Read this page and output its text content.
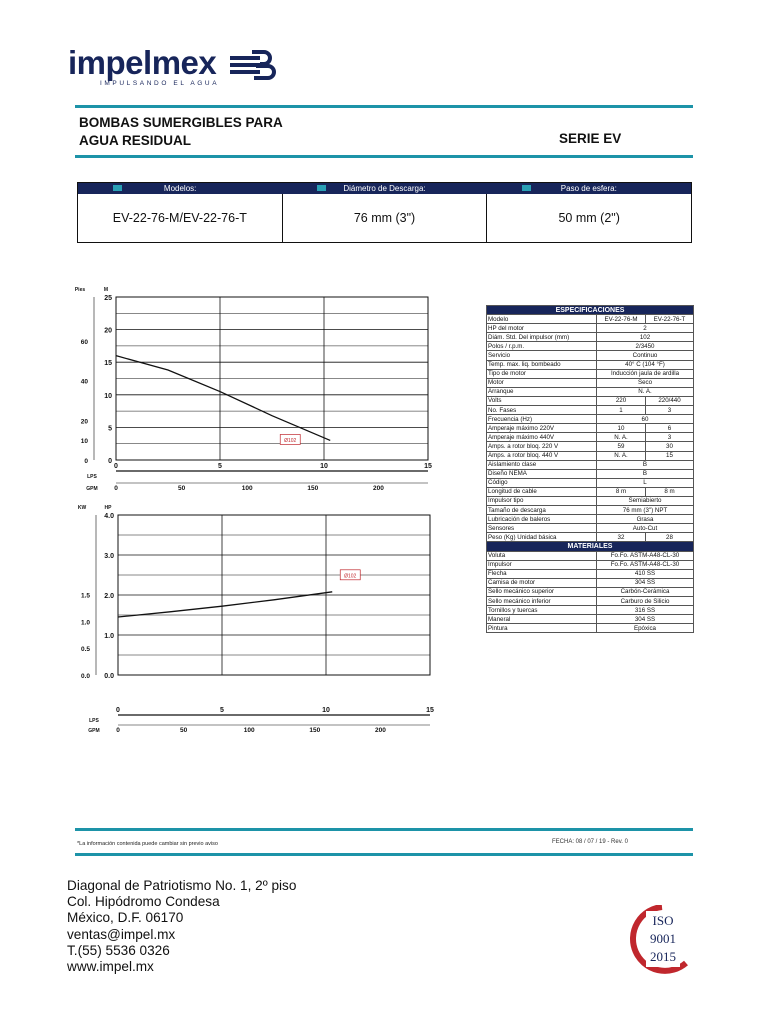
impelmex
IMPULSANDO EL AGUA
BOMBAS SUMERGIBLES PARA
AGUA RESIDUAL	SERIE EV
Modelos:	Diámetro de Descarga:	Paso de esfera:
EV-22-76-M/EV-22-76-T	76 mm (3")	50 mm (2")
0
5
10
15
20
25
0	5	10	15
0
10
20
40
60
Pies	M
LPS
GPM	0	50	100	150	200
Ø102
0.0
1.0
2.0
3.0
4.0
0	5	10	15
0.0
0.5
1.0
1.5
KW	HP
LPS
GPM	0	50	100	150	200
Ø102
ESPECIFICACIONES		
Modelo	EV-22-76-M	EV-22-76-T
HP del motor	2	
Diám. Std. Del impulsor (mm)	102	
Polos / r.p.m.	2/3450	
Servicio	Continuo	
Temp. max. liq. bombeado	40° C (104 °F)	
Tipo de motor	Inducción jaula de ardilla	
Motor	Seco	
Arranque	N. A.	
Volts	220	220/440
No. Fases	1	3
Frecuencia (Hz)	60	
Amperaje máximo 220V	10	6
Amperaje máximo 440V	N. A.	3
Amps. a rotor bloq. 220 V	59	30
Amps. a rotor bloq. 440 V	N. A.	15
Aislamiento clase	B	
Diseño NEMA	B	
Código	L	
Longitud de cable	8 m	8 m
Impulsor tipo	Semiabierto	
Tamaño de descarga	76 mm (3") NPT	
Lubricación de baleros	Grasa	
Sensores	Auto-Cut	
Peso (Kg) Unidad básica	32	28
MATERIALES		
Voluta	Fo.Fo. ASTM-A48-CL-30	
Impulsor	Fo.Fo. ASTM-A48-CL-30	
Flecha	410 SS	
Camisa de motor	304 SS	
Sello mecánico superior	Carbón-Cerámica	
Sello mecánico inferior	Carburo de Silicio	
Tornillos y tuercas	316 SS	
Maneral	304 SS	
Pintura	Epóxica	
*La información contenida puede cambiar sin previo aviso	FECHA: 08 / 07 / 19 - Rev. 0
Diagonal de Patriotismo No. 1, 2º piso
Col. Hipódromo Condesa
México, D.F. 06170
ventas@impel.mx
T.(55) 5536 0326
www.impel.mx
ISO
9001
2015
